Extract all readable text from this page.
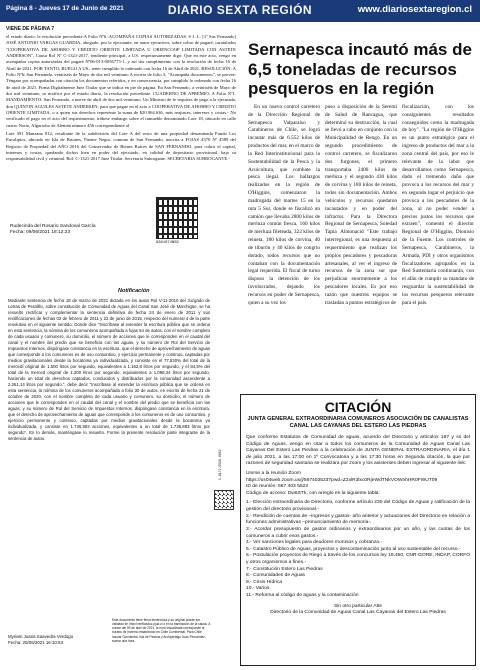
Página 8 - Jueves 17 de Junio de 2021	DIARIO SEXTA REGIÓN	www.diariosextaregion.cl
VIENE DE PÁGINA 7

el estado diario, la resolución precedente.A Folio Nº6: ACOMPAÑA COPIAS AUTORIZADAS. S J. L. [1º Sus Fernando] JOSÉ ANTONIO VARGAS GUARDIA, abogado, por la ejecutante, en autos ejecutivos, sobre cobro de pagaré, caratulados "COOPERATIVA DE AHORRO Y CREDITO ORIENTE LIMITADA U ORIENCOOP LIMITADA CON ASTETE ANDERSON", Causa Rol Nº C-1321-2017, tendiente principal, a US. respetuosamente digo: Que en este acto, vengo en acompañar copias autorizadas del pagaré Nº06-013-0056775-1, y así dar cumplimiento con la resolución de fecha 16 de Abril de 2021. POR TANTO, RUEGO A US., tener cumplido lo ordenado con fecha 16 de Abril de 2021. RESOLUCIÓN: A Folio Nº6: San Fernando, veintiséis de Mayo de dos mil veintiuno A escrito de folio 3, "Acompaña documentos", se provee: Téngase por acompañadas con citación los documentos referidos, y en consecuencia, por cumplido lo ordenado con fecha 16 de abril de 2021. Firma Digitalmente Juez Titular que se indica en pie de página. En San Fernando, a veintiséis de Mayo de dos mil veintiuno, se notificó por el estado diario, la resolución precedente. CUADERNO DE APREMIO: A Folio Nº1. MANDAMIENTO: San Fernando, a nueve de abril de dos mil veintiuno. Un Ministro de fe requiera de pago a la ejecutada, don QUINTIN AGUILES ASTETE ANDERSEN, para que pague en el acto a COOPERATIVA DE AHORRO Y CREDITO ORIENTE LIMITADA, o a quien sus derechos represente la suma de $20.964.636, más reajustes, intereses y costas.- No verificado el pago en el acto del requerimiento, trábese embargo sobre el inmueble denominado Lote 18, ubicado en calle cuatro Norte, Algarrobo de Alemán número 456 correspondiente al

Lote 391 Manzana 812, resultante de la subdivisión del Lote A del resto de una propiedad denominada Fundo Los Encalipios, ubicado en Isla de Briones, Puente Negro, comuna de San Fernando, inscrita a FOJAS 4370 Nº 4589 del Registro de Propiedad del AÑO 2016 del Conservador de Bienes Raíces de SAN FERNANDO, para cubrir el capital, intereses y costas, quedando dichos bien en poder del ejecutado, en calidad de depositario provisional, bajo su responsabilidad civil y criminal. Rol: C-1321-2017 Juez Titular. Secretaria Subrogante. SECRETARIA SUBROGANTE.-

Rudecinda del Rosario Sandoval García
Fecha: 09/06/2021 18:12:23
6361074N5D
Notificación
Mediante sentencia de fecha 18 de marzo de 2021 dictada en los autos Rol V-11-2010 del Juzgado de Letras de Peralillo, sobre constitución de Comunidad de Aguas del Canal San José de Marchigüe, se ha resuelto rectificar y complementar la sentencia definitiva de fecha 24 de enero de 2011 y sus rectificaciones de fechas 02 de febrero de 2011 y 22 de junio de 2015, respecto del numeral 4 de la parte resolutiva en el siguiente sentido: Donde dice "Inscríbase al extender la escritura pública que se ordena en esta sentencia, la nómina de los comuneros acompañada a fojas 54 de autos, con el nombre completo de cada usuario y comunero, su domicilio, el número de acciones que le corresponden en el caudal del canal y el nombre del predio que se beneficia con las aguas, y su número de Rol del Servicio de Impuestos Internos, dispóngase constancia en la escritura, que el derecho de aprovechamiento de aguas que corresponde a los comuneros es de uso consuntivo, y ejercicio permanente y continuo, captadas por medios gravitacionales desde la bocatoma ya individualizada, y consiste en el 77,530% del total de la mercedí original de 1.500 litros por segundo, equivalentes a 1.162,8 litros por segundo, y el 84,5% del total de la merced original de 1.300 litros por segundo, equivalentes a 1.098,34 litros por segundo, haciendo un total de derechos captados, conducidos y distribuidos por la comunidad ascendente a 2.261,14 litros por segundo.", debe decir "Inscríbase al extender la escritura pública que se ordena en esta sentencia, la nómina de los comuneros acompañada a folio 30 de autos, en escrito de fecha 21 de octubre de 2020, con el nombre completo de cada usuario y comunero, su domicilio, el número de acciones que le corresponden en el caudal del canal y el nombre del predio que se beneficia con las aguas, y su número de Rol del Servicio de Impuestos Internos, dispóngase constancia en la escritura, que el derecho de aprovechamiento de aguas que corresponde a los comuneros es de uso consuntivo, y ejercicio permanente y continuo, captadas por medios gravitacionales desde la bocatoma ya individualizada, y consiste en 1.736,883 acciones, equivalentes a un total de 1.736,883 litros por segundo". En lo demás, manténgase lo resuelto. Forme la presente resolución parte integrante de la sentencia de autos.
C-6172-5556-0652
Este documento tiene firma electrónica y su original puede ser validado en http://verificadoc.pjud.cl o en la tramitación de la causa. A contar del 09 de abril de 2021, la hora visualizada corresponde al horario de invierno establecido en Chile Continental. Para Chile Insular Occidental, Isla de Pascua y Archipiélago Juan Fernández, sumar una hora.
Myriam Juana Saavedra Verdugo
Fecha: 25/06/2021 16:10:53
Sernapesca incautó más de 6,5 toneladas de recursos pesqueros en la región

En un nuevo control carretero de la Dirección Regional de Sernapesca Valparaíso y Carabineros de Chile, se logró incautar más de 6.552 kilos de productos del mar, en el marco de la Red Interinstitucional para la Sustentabilidad de la Pesca y la Acuicultura, que combate la pesca ilegal. Los hallazgos realizados en la región de O'Higgins, comenzaron la madrugada del martes 15 en la ruta 5 Sur, donde se fiscalizó un camión que llevaba 2800 kilos de merluza común fresca, 160 kilos de merluza fileteada, 322 kilos de reineta, 180 kilos de corvina, 40 de tiburón y 40 kilos de congrio dorado, todos recursos que no contaban con la documentación legal requerida. El fiscal de turno dispuso la detención de los involucrados, dejando los recursos en poder de Sernapesca, quien a su vez los

puso a disposición de la Seremi de Salud de Rancagua, que determinó su destrucción, la cual se llevó a cabo en conjunto con la Municipalidad de Rengo. En un segundo procedimiento de control carretero, se fiscalizaron dos furgones, el primero transportaba 2400 kilos de merluza y el segundo 430 kilos de corvina y 180 kilos de reineta, todos sin documentación. Ambos vehículos y recursos quedaron incautados y en poder del infractor. Para la Directora Regional de Sernapesca, Soledad Tapia Almonacid "Este trabajo interregional, es una respuesta al requerimiento que realizan los propios pescadores y pescadoras artesanales, al ver el ingreso de recursos de la zona sur que perjudican enormemente a los pescadores locales. Es por eso razón que nuestros equipos se trasladan a puntos estratégicos de

fiscalización, con los consiguientes resultados conseguidos como la madrugada de hoy". "La región de O'Higgins es un punto estratégico para el ingreso de productos del mar a la zona central del país, por eso le relevante de la labor que desarrollamos como Sernapesca, dado el tremendo daño que provoca a los recursos del mar y en segundo lugar el perjuicio que provoca a los pescadores de la zona, al no poder vender a precios justos los recursos que extraen", comentó el director Regional de O'Higgins, Dionisio de la Fuente. Los controles de Sernapesca, Carabineros, la Armada, PDI y otros organismos fiscalizadores agrupados en la Red Sustentaria continuarán, con el afán de cumplir su mandato de resguardar la sustentabilidad de los recursos pesqueros relevante para el país.

CITACIÓN
JUNTA GENERAL EXTRAORDINARIA COMUNEROS ASOCIACIÓN DE CANALISTAS CANAL LAS CAYANAS DEL ESTERO LAS PIEDRAS

Que conforme Estatutos de Comunidad de aguas, acuerdo del Directorio y artículos 187 y ss del Código de Aguas, vengo en citar a todos los comuneros de la Comunidad de Aguas Canal Las Cayanas Del Estero Las Piedras a la celebración de JUNTA GENERAL EXTRAORDINARIA, el día 1 de julio 2021, a las 17:00 en 1º Convocatoria y a las 17:30 horas en Segunda citación, la que por razones de seguridad sanitaria se realizara por zoom y los asistentes deben ingresar al siguiente link:

Unirse a la reunión Zoom

https://us04web.zoom.us/j/5674035237pwd=Z2xlR3lxc0RjeWdTNkVOWnhHR0FWUT09

ID de reunión: 567 403 5523

Código de acceso: Dw6STk, con arreglo en la siguiente tabla:

1.- Elección extraordinaria de Directorio, conforme artículo 230 del Código de Aguas y ratificación de la gestión del directorio provisional.-
2.- Rendición de cuentas de –ingresos y gastos- año anterior y actuaciones del Directorio en relación a funciones administrativas –pronunciamiento de memoria-.
3.- Acordar presupuesto de gastos ordinarios y extraordinarios por un año, y las cuotas de los comuneros a cubrir esos gastos.-
4.- Ver sanciones legales para deudores morosos y cobranza.-
5.- Catastro Público de Aguas, proyectos y descontaminación junto al uso sustentable del recurso.-
6.- Postulación proyectos de Riego a través de los concursos ley 18.450, CNR-GORE, INDAP, CORFO y otros organismos a fines.-
7.- Constitución Estero Las Piedras
8.- Comunidades de Aguas
9.- Crisis Hídrica
10.- Varios.
11.- Reforma al código de aguas y la contaminación
Sin otro particular Atte
Directorio de la Comunidad de Aguas Canal Las Cayanas del Estero Las Piedras
